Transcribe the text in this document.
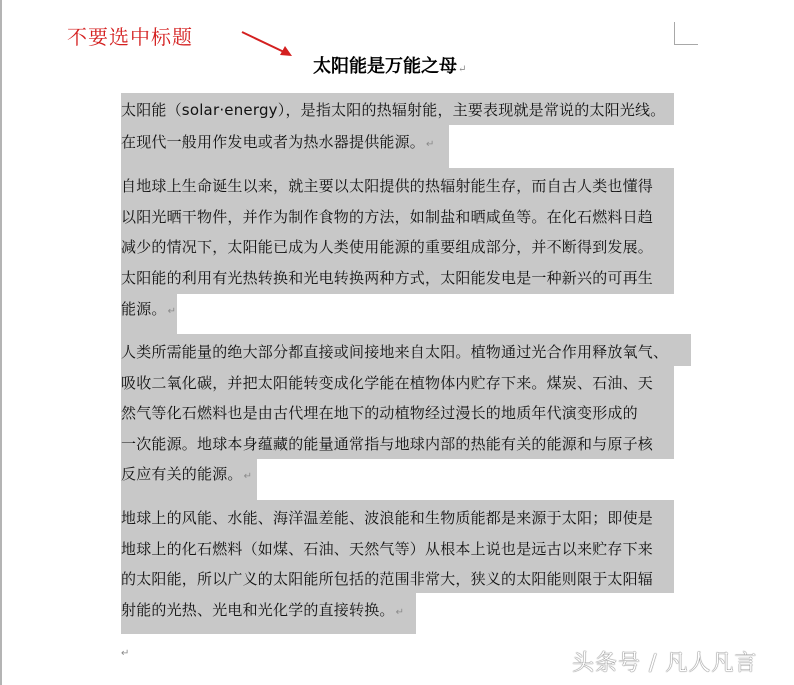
不要选中标题
太阳能是万能之母↵
太阳能（solar·energy），是指太阳的热辐射能，主要表现就是常说的太阳光线。
在现代一般用作发电或者为热水器提供能源。↵
自地球上生命诞生以来，就主要以太阳提供的热辐射能生存，而自古人类也懂得
以阳光晒干物件，并作为制作食物的方法，如制盐和晒咸鱼等。在化石燃料日趋
减少的情况下，太阳能已成为人类使用能源的重要组成部分，并不断得到发展。
太阳能的利用有光热转换和光电转换两种方式，太阳能发电是一种新兴的可再生
能源。↵
人类所需能量的绝大部分都直接或间接地来自太阳。植物通过光合作用释放氧气、
吸收二氧化碳，并把太阳能转变成化学能在植物体内贮存下来。煤炭、石油、天
然气等化石燃料也是由古代埋在地下的动植物经过漫长的地质年代演变形成的
一次能源。地球本身蕴藏的能量通常指与地球内部的热能有关的能源和与原子核
反应有关的能源。↵
地球上的风能、水能、海洋温差能、波浪能和生物质能都是来源于太阳；即使是
地球上的化石燃料（如煤、石油、天然气等）从根本上说也是远古以来贮存下来
的太阳能，所以广义的太阳能所包括的范围非常大，狭义的太阳能则限于太阳辐
射能的光热、光电和光化学的直接转换。↵
↵	头条号 / 凡人凡言
